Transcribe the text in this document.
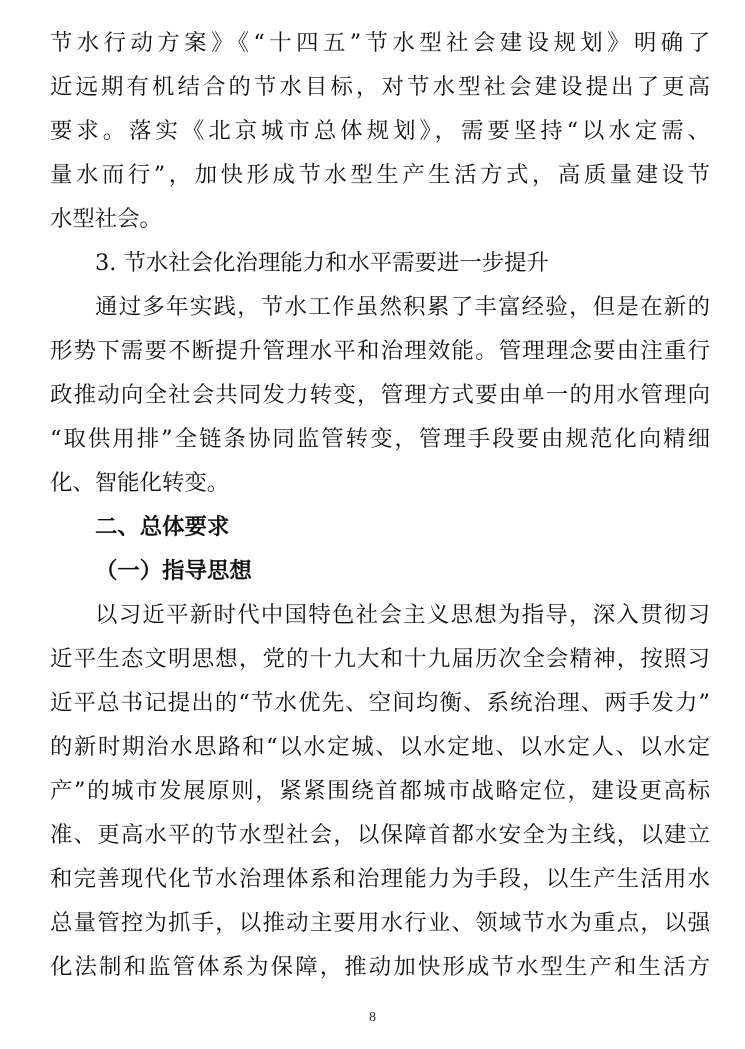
节水行动方案》《“十四五”节水型社会建设规划》明确了
近远期有机结合的节水目标，对节水型社会建设提出了更高
要求。落实《北京城市总体规划》，需要坚持“以水定需、
量水而行”，加快形成节水型生产生活方式，高质量建设节
水型社会。
3. 节水社会化治理能力和水平需要进一步提升
通过多年实践，节水工作虽然积累了丰富经验，但是在新的
形势下需要不断提升管理水平和治理效能。管理理念要由注重行
政推动向全社会共同发力转变，管理方式要由单一的用水管理向
“取供用排”全链条协同监管转变，管理手段要由规范化向精细
化、智能化转变。
二、总体要求
（一）指导思想
以习近平新时代中国特色社会主义思想为指导，深入贯彻习
近平生态文明思想，党的十九大和十九届历次全会精神，按照习
近平总书记提出的“节水优先、空间均衡、系统治理、两手发力”
的新时期治水思路和“以水定城、以水定地、以水定人、以水定
产”的城市发展原则，紧紧围绕首都城市战略定位，建设更高标
准、更高水平的节水型社会，以保障首都水安全为主线，以建立
和完善现代化节水治理体系和治理能力为手段，以生产生活用水
总量管控为抓手，以推动主要用水行业、领域节水为重点，以强
化法制和监管体系为保障，推动加快形成节水型生产和生活方
8
